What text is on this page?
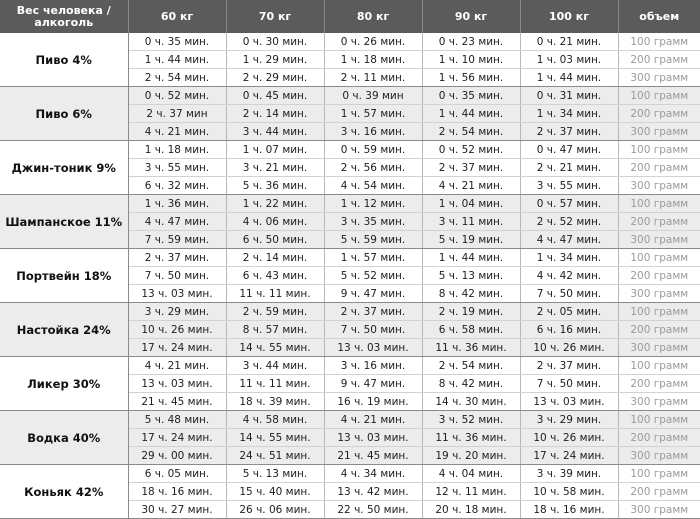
Вес человека / алкоголь	60 кг	70 кг	80 кг	90 кг	100 кг	объем
Пиво 4%	0 ч. 35 мин.	0 ч. 30 мин.	0 ч. 26 мин.	0 ч. 23 мин.	0 ч. 21 мин.	100 грамм
	1 ч. 44 мин.	1 ч. 29 мин.	1 ч. 18 мин.	1 ч. 10 мин.	1 ч. 03 мин.	200 грамм
	2 ч. 54 мин.	2 ч. 29 мин.	2 ч. 11 мин.	1 ч. 56 мин.	1 ч. 44 мин.	300 грамм
Пиво 6%	0 ч. 52 мин.	0 ч. 45 мин.	0 ч. 39 мин	0 ч. 35 мин.	0 ч. 31 мин.	100 грамм
	2 ч. 37 мин	2 ч. 14 мин.	1 ч. 57 мин.	1 ч. 44 мин.	1 ч. 34 мин.	200 грамм
	4 ч. 21 мин.	3 ч. 44 мин.	3 ч. 16 мин.	2 ч. 54 мин.	2 ч. 37 мин.	300 грамм
Джин-тоник 9%	1 ч. 18 мин.	1 ч. 07 мин.	0 ч. 59 мин.	0 ч. 52 мин.	0 ч. 47 мин.	100 грамм
	3 ч. 55 мин.	3 ч. 21 мин.	2 ч. 56 мин.	2 ч. 37 мин.	2 ч. 21 мин.	200 грамм
	6 ч. 32 мин.	5 ч. 36 мин.	4 ч. 54 мин.	4 ч. 21 мин.	3 ч. 55 мин.	300 грамм
Шампанское 11%	1 ч. 36 мин.	1 ч. 22 мин.	1 ч. 12 мин.	1 ч. 04 мин.	0 ч. 57 мин.	100 грамм
	4 ч. 47 мин.	4 ч. 06 мин.	3 ч. 35 мин.	3 ч. 11 мин.	2 ч. 52 мин.	200 грамм
	7 ч. 59 мин.	6 ч. 50 мин.	5 ч. 59 мин.	5 ч. 19 мин.	4 ч. 47 мин.	300 грамм
Портвейн 18%	2 ч. 37 мин.	2 ч. 14 мин.	1 ч. 57 мин.	1 ч. 44 мин.	1 ч. 34 мин.	100 грамм
	7 ч. 50 мин.	6 ч. 43 мин.	5 ч. 52 мин.	5 ч. 13 мин.	4 ч. 42 мин.	200 грамм
	13 ч. 03 мин.	11 ч. 11 мин.	9 ч. 47 мин.	8 ч. 42 мин.	7 ч. 50 мин.	300 грамм
Настойка 24%	3 ч. 29 мин.	2 ч. 59 мин.	2 ч. 37 мин.	2 ч. 19 мин.	2 ч. 05 мин.	100 грамм
	10 ч. 26 мин.	8 ч. 57 мин.	7 ч. 50 мин.	6 ч. 58 мин.	6 ч. 16 мин.	200 грамм
	17 ч. 24 мин.	14 ч. 55 мин.	13 ч. 03 мин.	11 ч. 36 мин.	10 ч. 26 мин.	300 грамм
Ликер 30%	4 ч. 21 мин.	3 ч. 44 мин.	3 ч. 16 мин.	2 ч. 54 мин.	2 ч. 37 мин.	100 грамм
	13 ч. 03 мин.	11 ч. 11 мин.	9 ч. 47 мин.	8 ч. 42 мин.	7 ч. 50 мин.	200 грамм
	21 ч. 45 мин.	18 ч. 39 мин.	16 ч. 19 мин.	14 ч. 30 мин.	13 ч. 03 мин.	300 грамм
Водка 40%	5 ч. 48 мин.	4 ч. 58 мин.	4 ч. 21 мин.	3 ч. 52 мин.	3 ч. 29 мин.	100 грамм
	17 ч. 24 мин.	14 ч. 55 мин.	13 ч. 03 мин.	11 ч. 36 мин.	10 ч. 26 мин.	200 грамм
	29 ч. 00 мин.	24 ч. 51 мин.	21 ч. 45 мин.	19 ч. 20 мин.	17 ч. 24 мин.	300 грамм
Коньяк 42%	6 ч. 05 мин.	5 ч. 13 мин.	4 ч. 34 мин.	4 ч. 04 мин.	3 ч. 39 мин.	100 грамм
	18 ч. 16 мин.	15 ч. 40 мин.	13 ч. 42 мин.	12 ч. 11 мин.	10 ч. 58 мин.	200 грамм
	30 ч. 27 мин.	26 ч. 06 мин.	22 ч. 50 мин.	20 ч. 18 мин.	18 ч. 16 мин.	300 грамм
